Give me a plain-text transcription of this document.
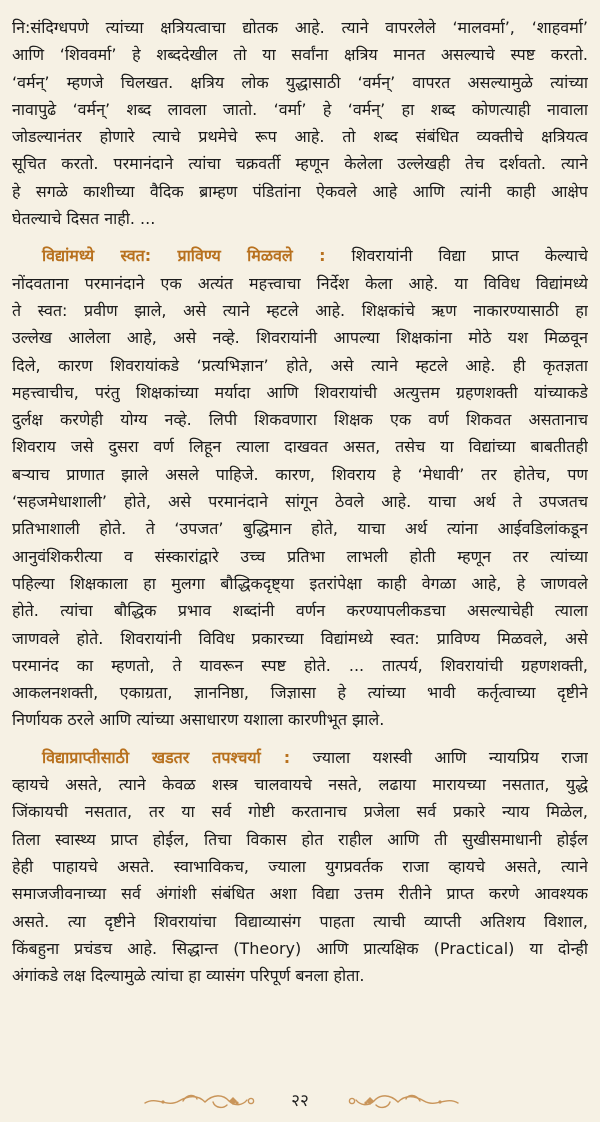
नि:संदिग्धपणे त्यांच्या क्षत्रियत्वाचा द्योतक आहे. त्याने वापरलेले ‘मालवर्मा’, ‘शाहवर्मा’
आणि ‘शिववर्मा’ हे शब्ददेखील तो या सर्वांना क्षत्रिय मानत असल्याचे स्पष्ट करतो.
‘वर्मन्’ म्हणजे चिलखत. क्षत्रिय लोक युद्धासाठी ‘वर्मन्’ वापरत असल्यामुळे त्यांच्या
नावापुढे ‘वर्मन्’ शब्द लावला जातो. ‘वर्मा’ हे ‘वर्मन्’ हा शब्द कोणत्याही नावाला
जोडल्यानंतर होणारे त्याचे प्रथमेचे रूप आहे. तो शब्द संबंधित व्यक्तीचे क्षत्रियत्व
सूचित करतो. परमानंदाने त्यांचा चक्रवर्ती म्हणून केलेला उल्लेखही तेच दर्शवतो. त्याने
हे सगळे काशीच्या वैदिक ब्राम्हण पंडितांना ऐकवले आहे आणि त्यांनी काही आक्षेप
घेतल्याचे दिसत नाही. ...
विद्यांमध्ये स्वत: प्राविण्य मिळवले : शिवरायांनी विद्या प्राप्त केल्याचे
नोंदवताना परमानंदाने एक अत्यंत महत्त्वाचा निर्देश केला आहे. या विविध विद्यांमध्ये
ते स्वत: प्रवीण झाले, असे त्याने म्हटले आहे. शिक्षकांचे ऋण नाकारण्यासाठी हा
उल्लेख आलेला आहे, असे नव्हे. शिवरायांनी आपल्या शिक्षकांना मोठे यश मिळवून
दिले, कारण शिवरायांकडे ‘प्रत्यभिज्ञान’ होते, असे त्याने म्हटले आहे. ही कृतज्ञता
महत्त्वाचीच, परंतु शिक्षकांच्या मर्यादा आणि शिवरायांची अत्युत्तम ग्रहणशक्ती यांच्याकडे
दुर्लक्ष करणेही योग्य नव्हे. लिपी शिकवणारा शिक्षक एक वर्ण शिकवत असतानाच
शिवराय जसे दुसरा वर्ण लिहून त्याला दाखवत असत, तसेच या विद्यांच्या बाबतीतही
बऱ्याच प्राणात झाले असले पाहिजे. कारण, शिवराय हे ‘मेधावी’ तर होतेच, पण
‘सहजमेधाशाली’ होते, असे परमानंदाने सांगून ठेवले आहे. याचा अर्थ ते उपजतच
प्रतिभाशाली होते. ते ‘उपजत’ बुद्धिमान होते, याचा अर्थ त्यांना आईवडिलांकडून
आनुवंशिकरीत्या व संस्कारांद्वारे उच्च प्रतिभा लाभली होती म्हणून तर त्यांच्या
पहिल्या शिक्षकाला हा मुलगा बौद्धिकदृष्ट्या इतरांपेक्षा काही वेगळा आहे, हे जाणवले
होते. त्यांचा बौद्धिक प्रभाव शब्दांनी वर्णन करण्यापलीकडचा असल्याचेही त्याला
जाणवले होते. शिवरायांनी विविध प्रकारच्या विद्यांमध्ये स्वत: प्राविण्य मिळवले, असे
परमानंद का म्हणतो, ते यावरून स्पष्ट होते. ... तात्पर्य, शिवरायांची ग्रहणशक्ती,
आकलनशक्ती, एकाग्रता, ज्ञाननिष्ठा, जिज्ञासा हे त्यांच्या भावी कर्तृत्वाच्या दृष्टीने
निर्णायक ठरले आणि त्यांच्या असाधारण यशाला कारणीभूत झाले.
विद्याप्राप्तीसाठी खडतर तपश्चर्या : ज्याला यशस्वी आणि न्यायप्रिय राजा
व्हायचे असते, त्याने केवळ शस्त्र चालवायचे नसते, लढाया मारायच्या नसतात, युद्धे
जिंकायची नसतात, तर या सर्व गोष्टी करतानाच प्रजेला सर्व प्रकारे न्याय मिळेल,
तिला स्वास्थ्य प्राप्त होईल, तिचा विकास होत राहील आणि ती सुखीसमाधानी होईल
हेही पाहायचे असते. स्वाभाविकच, ज्याला युगप्रवर्तक राजा व्हायचे असते, त्याने
समाजजीवनाच्या सर्व अंगांशी संबंधित अशा विद्या उत्तम रीतीने प्राप्त करणे आवश्यक
असते. त्या दृष्टीने शिवरायांचा विद्याव्यासंग पाहता त्याची व्याप्ती अतिशय विशाल,
किंबहुना प्रचंडच आहे. सिद्धान्त (Theory) आणि प्रात्यक्षिक (Practical) या दोन्ही
अंगांकडे लक्ष दिल्यामुळे त्यांचा हा व्यासंग परिपूर्ण बनला होता.
२२
